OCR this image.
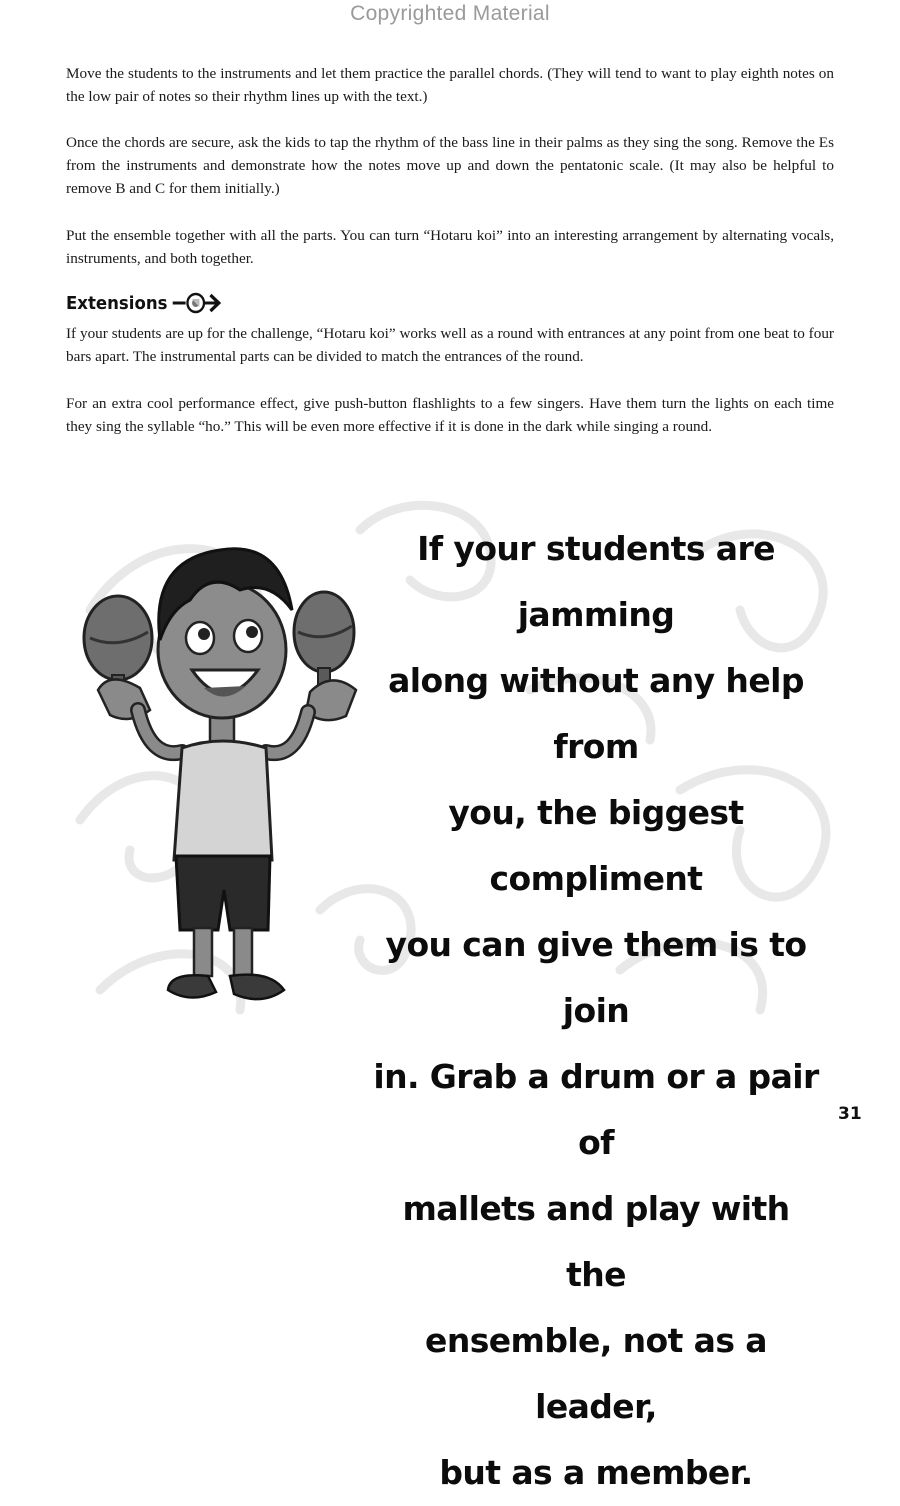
Copyrighted Material

Move the students to the instruments and let them practice the parallel chords. (They will tend to want to play eighth notes on the low pair of notes so their rhythm lines up with the text.)

Once the chords are secure, ask the kids to tap the rhythm of the bass line in their palms as they sing the song. Remove the Es from the instruments and demonstrate how the notes move up and down the pentatonic scale. (It may also be helpful to remove B and C for them initially.)

Put the ensemble together with all the parts. You can turn “Hotaru koi” into an interesting arrangement by alternating vocals, instruments, and both together.

Extensions

If your students are up for the challenge, “Hotaru koi” works well as a round with entrances at any point from one beat to four bars apart. The instrumental parts can be divided to match the entrances of the round.

For an extra cool performance effect, give push-button flashlights to a few singers. Have them turn the lights on each time they sing the syllable “ho.” This will be even more effective if it is done in the dark while singing a round.

If your students are jamming
along without any help from
you, the biggest compliment
you can give them is to join
in. Grab a drum or a pair of
mallets and play with the
ensemble, not as a leader,
but as a member.

31
